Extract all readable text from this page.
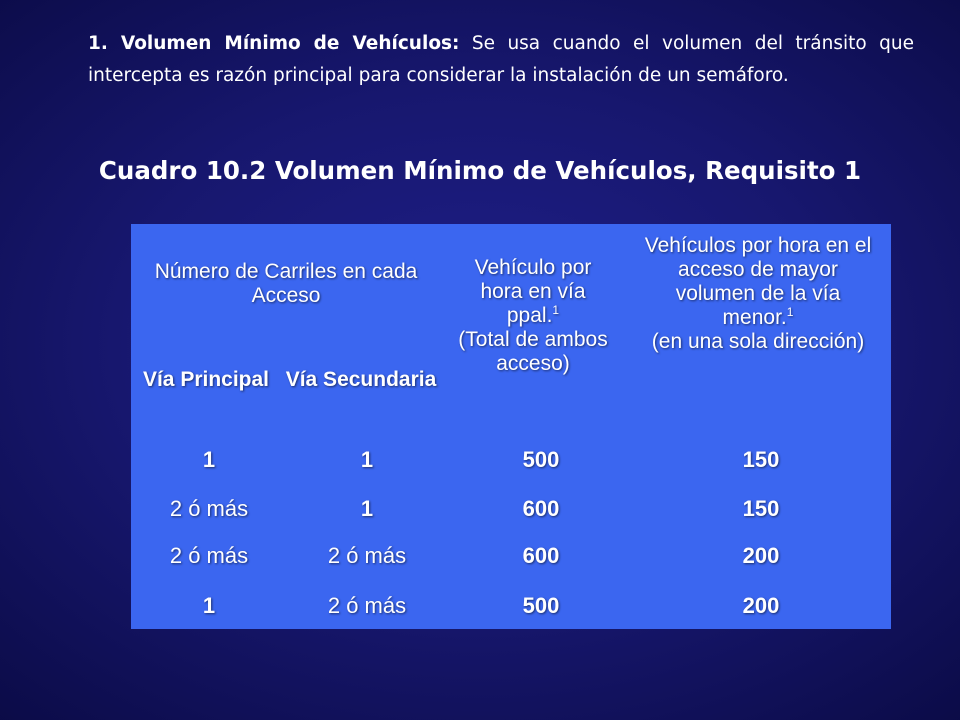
1. Volumen Mínimo de Vehículos: Se usa cuando el volumen del tránsito que intercepta es razón principal para considerar la instalación de un semáforo.

Cuadro 10.2 Volumen Mínimo de Vehículos, Requisito 1
Número de Carriles en cada Acceso
Vehículo por hora en vía ppal.$^1$
(Total de ambos acceso)
Vehículos por hora en el acceso de mayor volumen de la vía menor.$^1$
(en una sola dirección)
Vía Principal Vía Secundaria
1	1	500	150
2 ó más	1	600	150
2 ó más	2 ó más	600	200
1	2 ó más	500	200
